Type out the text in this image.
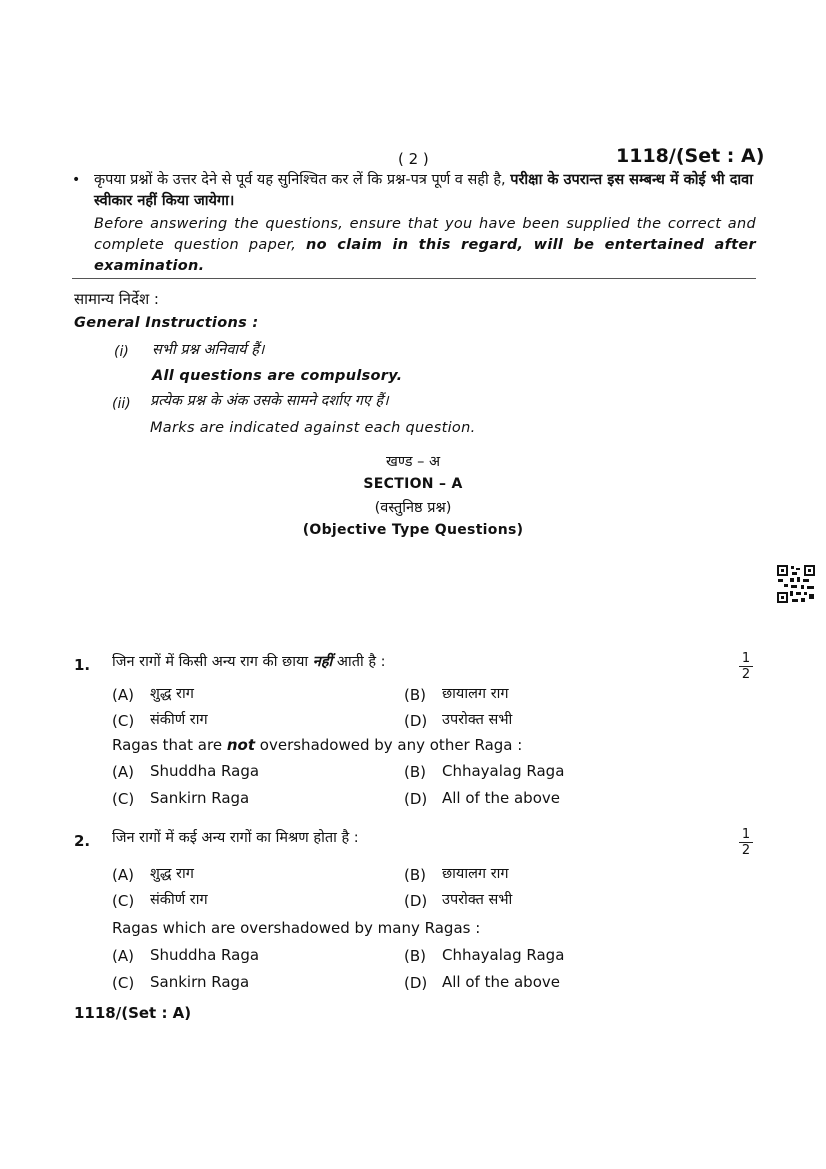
( 2 )	1118/(Set : A)
• कृपया प्रश्नों के उत्तर देने से पूर्व यह सुनिश्चित कर लें कि प्रश्न-पत्र पूर्ण व सही है, परीक्षा के उपरान्त इस सम्बन्ध में कोई भी दावा स्वीकार नहीं किया जायेगा।
Before answering the questions, ensure that you have been supplied the correct and complete question paper, no claim in this regard, will be entertained after examination.
सामान्य निर्देश :
General Instructions :
(i) सभी प्रश्न अनिवार्य हैं।
All questions are compulsory.
(ii) प्रत्येक प्रश्न के अंक उसके सामने दर्शाए गए हैं।
Marks are indicated against each question.
खण्ड – अ
SECTION – A
(वस्तुनिष्ठ प्रश्न)
(Objective Type Questions)
1. जिन रागों में किसी अन्य राग की छाया नहीं आती है :	1
2
(A) शुद्ध राग	(B) छायालग राग
(C) संकीर्ण राग	(D) उपरोक्त सभी
Ragas that are not overshadowed by any other Raga :
(A) Shuddha Raga	(B) Chhayalag Raga
(C) Sankirn Raga	(D) All of the above
2. जिन रागों में कई अन्य रागों का मिश्रण होता है :	1
2
(A) शुद्ध राग	(B) छायालग राग
(C) संकीर्ण राग	(D) उपरोक्त सभी
Ragas which are overshadowed by many Ragas :
(A) Shuddha Raga	(B) Chhayalag Raga
(C) Sankirn Raga	(D) All of the above
1118/(Set : A)
